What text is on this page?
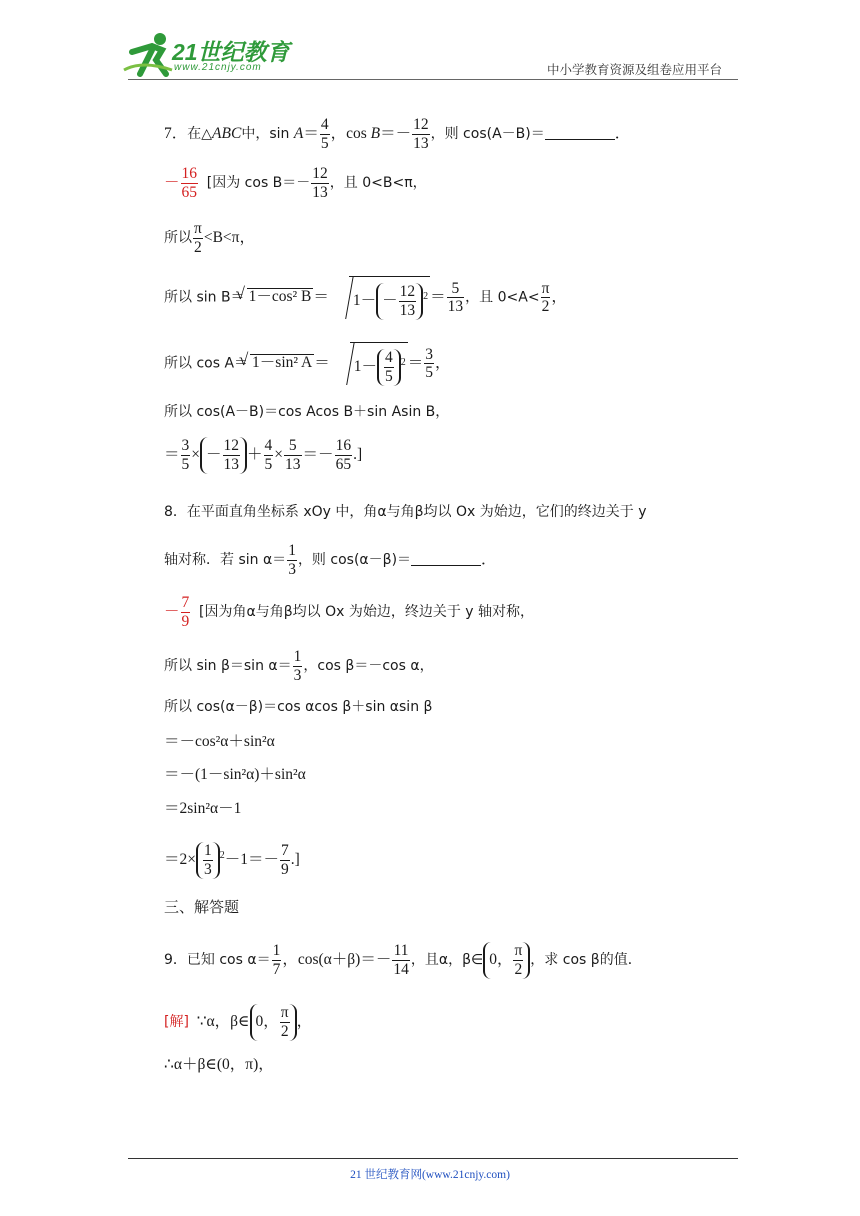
21世纪教育
www.21cnjy.com	中小学教育资源及组卷应用平台
7．在△ABC中，$\sin A= \frac{4}{5}$ ，$\cos B=- \frac{12}{13}$ ，则 cos(A－B)＝	．
－ $\frac{16}{65}$ [因为 $\cos B=- \frac{12}{13}$ ，且 0<B<π，
所以 $\frac{\pi}{2} <B<\pi$，
所以 sin B＝ √ 1－cos² $B = 1- - \frac{12}{13} ^2 = \frac{5}{13}$ ，且 $0<A< \frac{\pi}{2}$ ，
所以 cos A＝ √ 1－sin² $A = 1- \frac{4}{5} ^2 = \frac{3}{5}$ ，
所以 cos(A－B)＝cos Acos B＋sin Asin B，
＝ $\frac{3}{5}$ × － $\frac{12}{13} + \frac{4}{5} \times \frac{5}{13} =- \frac{16}{65}$ .]
8．在平面直角坐标系 xOy 中，角α与角β均以 Ox 为始边，它们的终边关于 y
轴对称．若 $\sin \alpha= \frac{1}{3}$ ，则 cos(α－β)＝	．
－ $\frac{7}{9}$ [因为角α与角β均以 Ox 为始边，终边关于 y 轴对称，
所以 sin β＝sin $\alpha= \frac{1}{3}$ ，cos β＝－cos α，
所以 cos(α－β)＝cos αcos β＋sin αsin β
＝－cos²α＋sin²α
＝－(1－sin²α)＋sin²α
＝2sin²α－1
$=2\times \frac{1}{3} ^2-1=- \frac{7}{9}$ .]
三、解答题
9．已知 $\cos \alpha= \frac{1}{7}$ ，$\cos(\alpha+\beta)=- \frac{11}{14}$ ，且α，β∈ 0， $\frac{\pi}{2}$ ，求 cos β的值．
[解] ∵α，β∈ 0， $\frac{\pi}{2}$ ，
∴α＋β∈(0，π)，
21 世纪教育网(www.21cnjy.com)
